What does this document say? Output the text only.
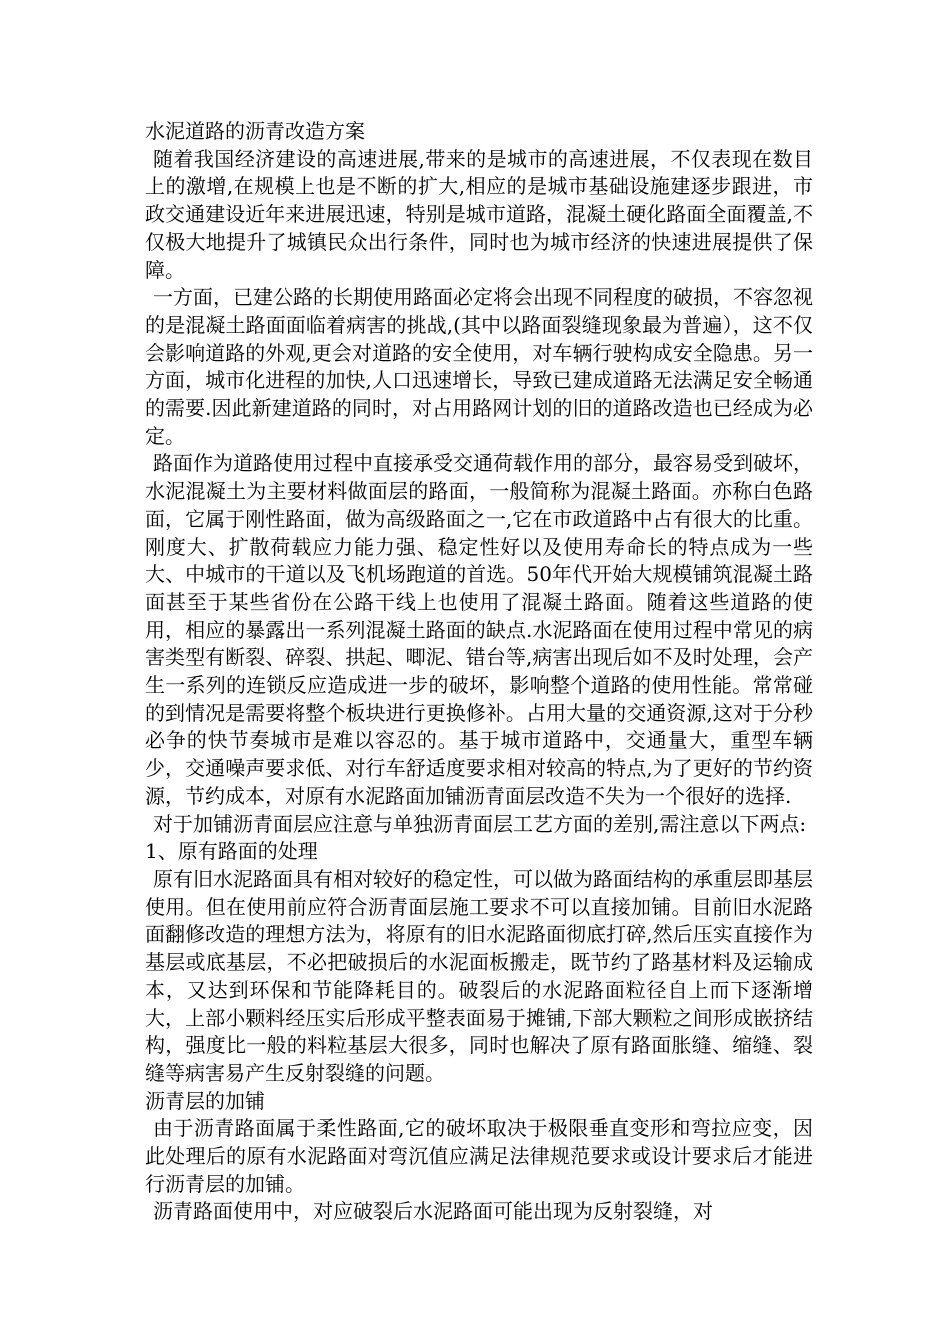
水泥道路的沥青改造方案

随着我国经济建设的高速进展,带来的是城市的高速进展，不仅表现在数目上的激增,在规模上也是不断的扩大,相应的是城市基础设施建逐步跟进，市政交通建设近年来进展迅速，特别是城市道路，混凝土硬化路面全面覆盖,不仅极大地提升了城镇民众出行条件，同时也为城市经济的快速进展提供了保障。

一方面，已建公路的长期使用路面必定将会出现不同程度的破损，不容忽视的是混凝土路面面临着病害的挑战,(其中以路面裂缝现象最为普遍），这不仅会影响道路的外观,更会对道路的安全使用，对车辆行驶构成安全隐患。另一方面，城市化进程的加快,人口迅速增长，导致已建成道路无法满足安全畅通的需要.因此新建道路的同时，对占用路网计划的旧的道路改造也已经成为必定。

路面作为道路使用过程中直接承受交通荷载作用的部分，最容易受到破坏，水泥混凝土为主要材料做面层的路面，一般简称为混凝土路面。亦称白色路面，它属于刚性路面，做为高级路面之一,它在市政道路中占有很大的比重。刚度大、扩散荷载应力能力强、稳定性好以及使用寿命长的特点成为一些大、中城市的干道以及飞机场跑道的首选。50年代开始大规模铺筑混凝土路面甚至于某些省份在公路干线上也使用了混凝土路面。随着这些道路的使用，相应的暴露出一系列混凝土路面的缺点.水泥路面在使用过程中常见的病害类型有断裂、碎裂、拱起、唧泥、错台等,病害出现后如不及时处理，会产生一系列的连锁反应造成进一步的破坏，影响整个道路的使用性能。常常碰的到情况是需要将整个板块进行更换修补。占用大量的交通资源,这对于分秒必争的快节奏城市是难以容忍的。基于城市道路中，交通量大，重型车辆少，交通噪声要求低、对行车舒适度要求相对较高的特点,为了更好的节约资源，节约成本，对原有水泥路面加铺沥青面层改造不失为一个很好的选择.

对于加铺沥青面层应注意与单独沥青面层工艺方面的差别,需注意以下两点:

1、原有路面的处理

原有旧水泥路面具有相对较好的稳定性，可以做为路面结构的承重层即基层使用。但在使用前应符合沥青面层施工要求不可以直接加铺。目前旧水泥路面翻修改造的理想方法为，将原有的旧水泥路面彻底打碎,然后压实直接作为基层或底基层，不必把破损后的水泥面板搬走，既节约了路基材料及运输成本，又达到环保和节能降耗目的。破裂后的水泥路面粒径自上而下逐渐增大，上部小颗料经压实后形成平整表面易于摊铺,下部大颗粒之间形成嵌挤结构，强度比一般的料粒基层大很多，同时也解决了原有路面胀缝、缩缝、裂缝等病害易产生反射裂缝的问题。

沥青层的加铺

由于沥青路面属于柔性路面,它的破坏取决于极限垂直变形和弯拉应变，因此处理后的原有水泥路面对弯沉值应满足法律规范要求或设计要求后才能进行沥青层的加铺。

沥青路面使用中，对应破裂后水泥路面可能出现为反射裂缝，对
